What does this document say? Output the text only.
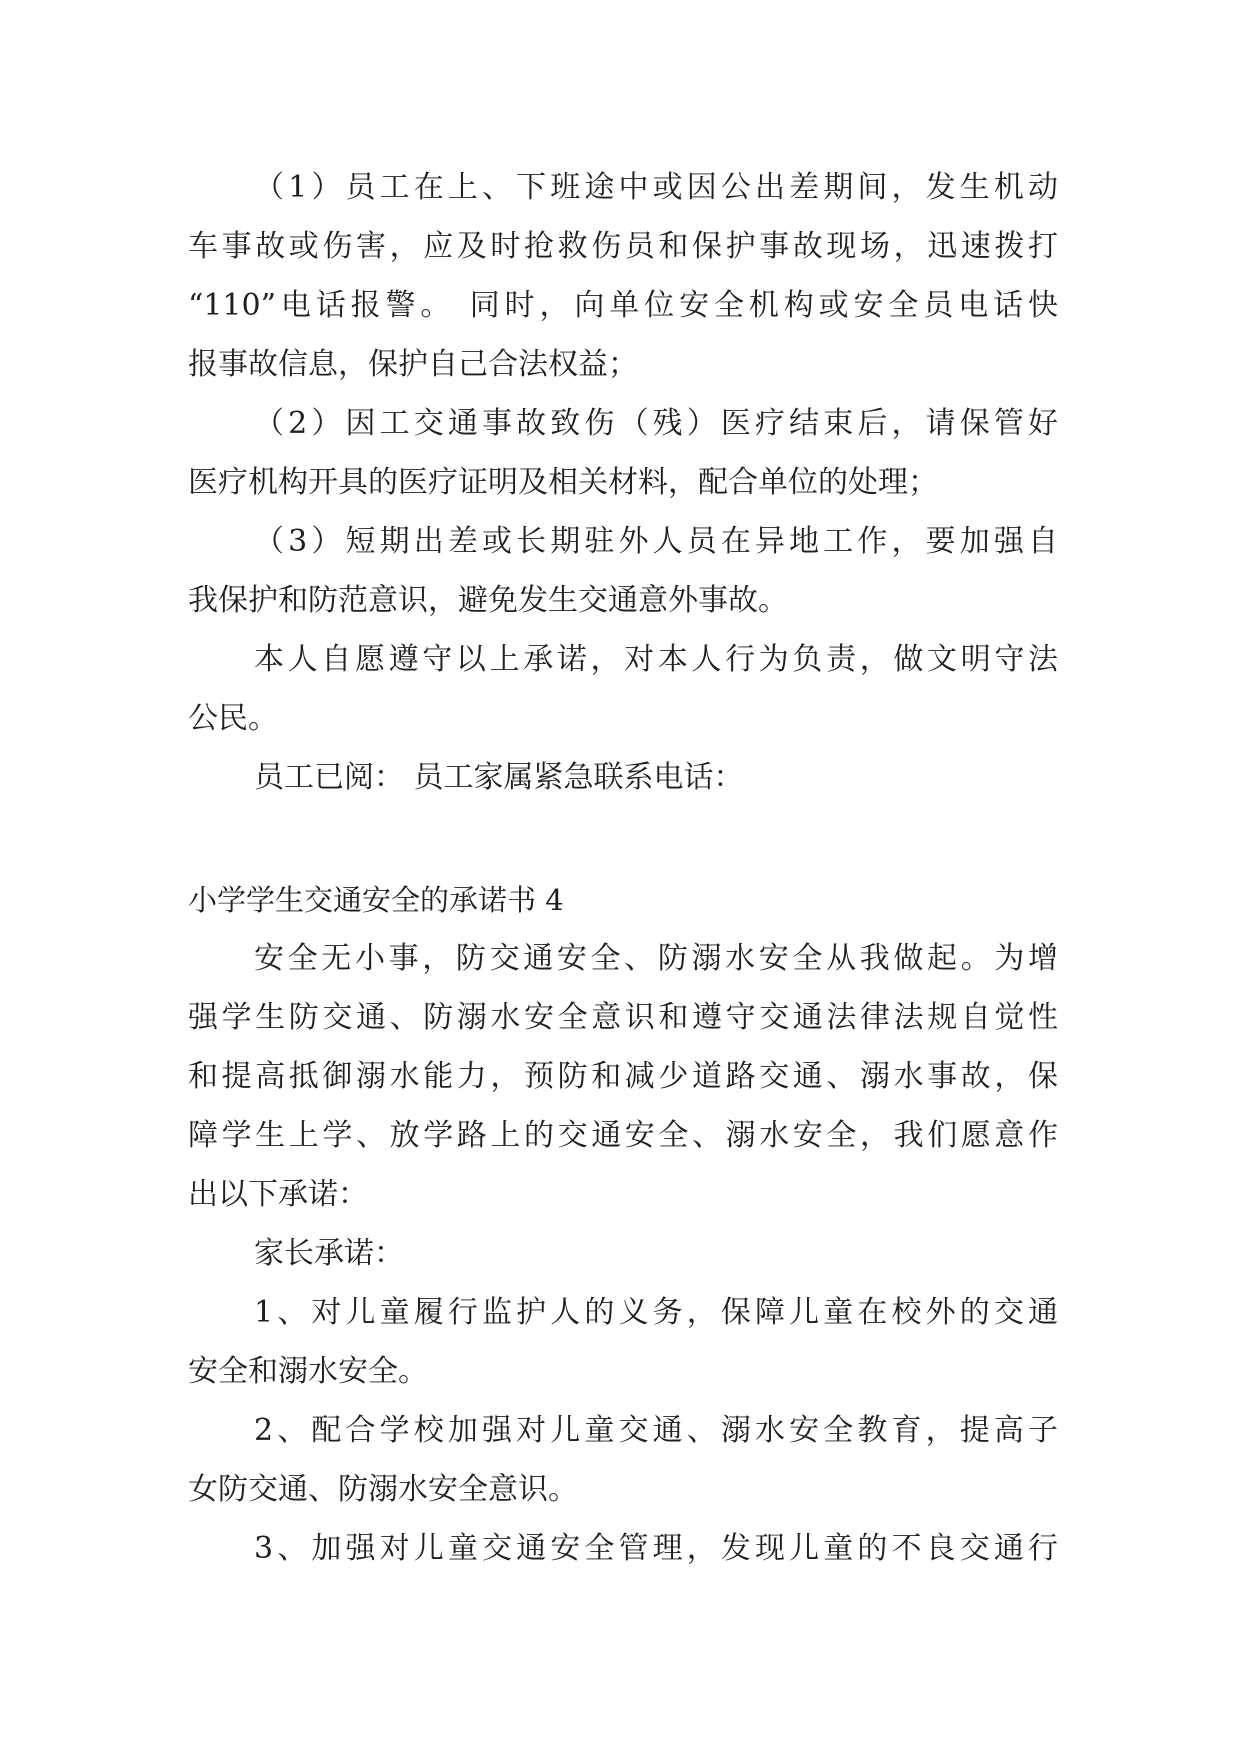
（1）员工在上、下班途中或因公出差期间，发生机动
车事故或伤害，应及时抢救伤员和保护事故现场，迅速拨打
“110”电话报警。 同时，向单位安全机构或安全员电话快
报事故信息，保护自己合法权益；
（2）因工交通事故致伤（残）医疗结束后，请保管好
医疗机构开具的医疗证明及相关材料，配合单位的处理；
（3）短期出差或长期驻外人员在异地工作，要加强自
我保护和防范意识，避免发生交通意外事故。
本人自愿遵守以上承诺，对本人行为负责，做文明守法
公民。
员工已阅： 员工家属紧急联系电话：
小学学生交通安全的承诺书 4
安全无小事，防交通安全、防溺水安全从我做起。为增
强学生防交通、防溺水安全意识和遵守交通法律法规自觉性
和提高抵御溺水能力，预防和减少道路交通、溺水事故，保
障学生上学、放学路上的交通安全、溺水安全，我们愿意作
出以下承诺：
家长承诺：
1、对儿童履行监护人的义务，保障儿童在校外的交通
安全和溺水安全。
2、配合学校加强对儿童交通、溺水安全教育，提高子
女防交通、防溺水安全意识。
3、加强对儿童交通安全管理，发现儿童的不良交通行
